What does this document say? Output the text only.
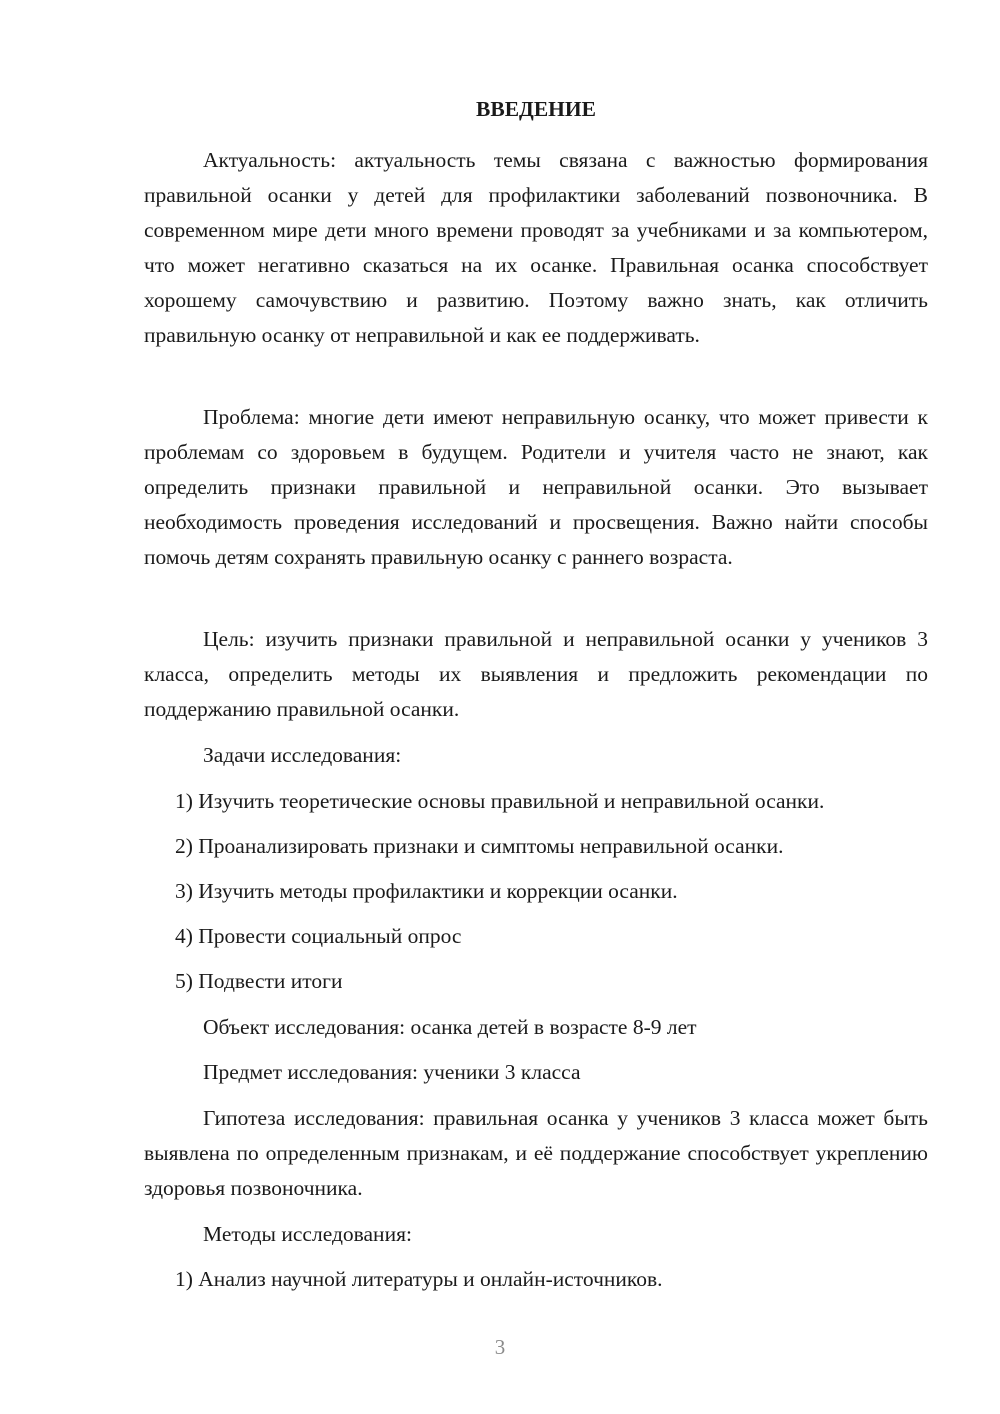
ВВЕДЕНИЕ
Актуальность: актуальность темы связана с важностью формирования правильной осанки у детей для профилактики заболеваний позвоночника. В современном мире дети много времени проводят за учебниками и за компьютером, что может негативно сказаться на их осанке. Правильная осанка способствует хорошему самочувствию и развитию. Поэтому важно знать, как отличить правильную осанку от неправильной и как ее поддерживать.
Проблема: многие дети имеют неправильную осанку, что может привести к проблемам со здоровьем в будущем. Родители и учителя часто не знают, как определить признаки правильной и неправильной осанки. Это вызывает необходимость проведения исследований и просвещения. Важно найти способы помочь детям сохранять правильную осанку с раннего возраста.
Цель: изучить признаки правильной и неправильной осанки у учеников 3 класса, определить методы их выявления и предложить рекомендации по поддержанию правильной осанки.
Задачи исследования:
1) Изучить теоретические основы правильной и неправильной осанки.
2) Проанализировать признаки и симптомы неправильной осанки.
3) Изучить методы профилактики и коррекции осанки.
4) Провести социальный опрос
5) Подвести итоги
Объект исследования: осанка детей в возрасте 8-9 лет
Предмет исследования: ученики 3 класса
Гипотеза исследования: правильная осанка у учеников 3 класса может быть выявлена по определенным признакам, и её поддержание способствует укреплению здоровья позвоночника.
Методы исследования:
1) Анализ научной литературы и онлайн-источников.
3
